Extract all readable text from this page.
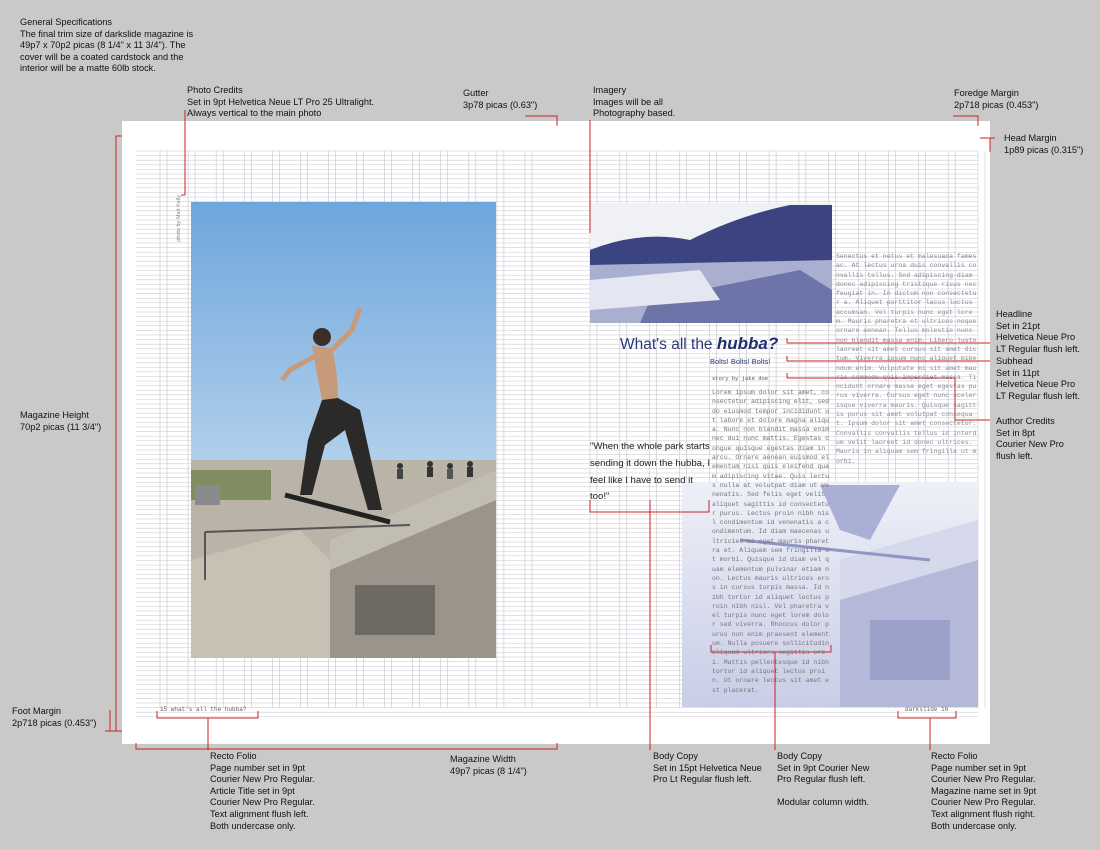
General Specifications
The final trim size of darkslide magazine is
49p7 x 70p2 picas (8 1/4" x 11 3/4"). The
cover will be a coated cardstock and the
interior will be a matte 60lb stock.
Photo Credits
Set in 9pt Helvetica Neue LT Pro 25 Ultralight.
Always vertical to the main photo
Gutter
3p78 picas (0.63")
Imagery
Images will be all
Photography based.
Foredge Margin
2p718 picas (0.453")
Head Margin
1p89 picas (0.315")
Headline
Set in 21pt
Helvetica Neue Pro
LT Regular flush left.
Subhead
Set in 11pt
Helvetica Neue Pro
LT Regular flush left.
Author Credits
Set in 8pt
Courier New Pro
flush left.
Magazine Height
70p2 picas (11 3/4")
Foot Margin
2p718 picas (0.453")
Recto Folio
Page number set in 9pt
Courier New Pro Regular.
Article Title set in 9pt
Courier New Pro Regular.
Text alignment flush left.
Both undercase only.
Magazine Width
49p7 picas (8 1/4")
Body Copy
Set in 15pt Helvetica Neue
Pro Lt Regular flush left.
Body Copy
Set in 9pt Courier New
Pro Regular flush left.
Modular column width.
Recto Folio
Page number set in 9pt
Courier New Pro Regular.
Magazine name set in 9pt
Courier New Pro Regular.
Text alignment flush right.
Both undercase only.
photo by Matt Kelly
What's all the hubba?
Bolts! Bolts! Bolts!
story by jake doe
"When the whole park starts sending it down the hubba, I feel like I have to send it too!"
Lorem ipsum dolor sit amet, consectetur adipiscing elit, sed do eiusmod tempor incididunt ut labore et dolore magna aliqua. Nunc non blandit massa enim nec dui nunc mattis. Egestas congue quisque egestas diam in arcu. Ornare aenean euismod elementum nisi quis eleifend quam adipiscing vitae. Quis lectus nulla at volutpat diam ut venenatis. Sed felis eget velit aliquet sagittis id consectetur purus. Lectus proin nibh nisl condimentum id venenatis a condimentum. Id diam maecenas ultricies mi eget mauris pharetra et. Aliquam sem fringilla ut morbi. Quisque id diam vel quam elementum pulvinar etiam non. Lectus mauris ultrices eros in cursus turpis massa. Id nibh tortor id aliquet lectus proin nibh nisl. Vel pharetra vel turpis nunc eget lorem dolor sed viverra. Rhoncus dolor purus non enim praesent elementum. Nulla posuere sollicitudin aliquam ultrices sagittis orci. Mattis pellentesque id nibh tortor id aliquet lectus proin. Ut ornare lectus sit amet est placerat.
Senectus et netus et malesuada fames ac. At lectus urna duis convallis convallis tellus. Sed adipiscing diam donec adipiscing tristique risus nec feugiat in. In dictum non consectetur a. Aliquet porttitor lacus luctus accumsan. Vel turpis nunc eget lorem. Mauris pharetra et ultrices neque ornare aenean. Tellus molestie nunc non blandit massa enim. Libero justo laoreet sit amet cursus sit amet dictum. Viverra ipsum nunc aliquet bibendum enim. Vulputate mi sit amet mauris commodo quis imperdiet massa. Tincidunt ornare massa eget egestas purus viverra. Cursus eget nunc scelerisque viverra mauris. Quisque sagittis purus sit amet volutpat consequat. Ipsum dolor sit amet consectetur. Convallis convallis tellus id interdum velit laoreet id donec ultrices. Mauris in aliquam sem fringilla ut morbi.
15 what's all the hubba?	darkslide 16
